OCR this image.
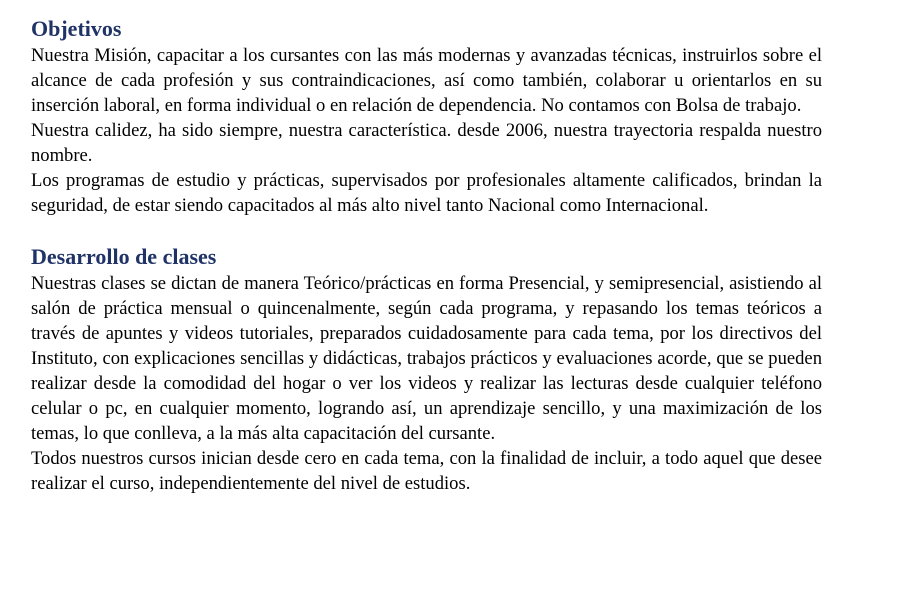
Objetivos

Nuestra Misión, capacitar a los cursantes con las más modernas y avanzadas técnicas, instruirlos sobre el alcance de cada profesión y sus contraindicaciones, así como también, colaborar u orientarlos en su inserción laboral, en forma individual o en relación de dependencia. No contamos con Bolsa de trabajo.

Nuestra calidez, ha sido siempre, nuestra característica. desde 2006, nuestra trayectoria respalda nuestro nombre.

Los programas de estudio y prácticas, supervisados por profesionales altamente calificados, brindan la seguridad, de estar siendo capacitados al más alto nivel tanto Nacional como Internacional.

Desarrollo de clases

Nuestras clases se dictan de manera Teórico/prácticas en forma Presencial, y semipresencial, asistiendo al salón de práctica mensual o quincenalmente, según cada programa, y repasando los temas teóricos a través de apuntes y videos tutoriales, preparados cuidadosamente para cada tema, por los directivos del Instituto, con explicaciones sencillas y didácticas, trabajos prácticos y evaluaciones acorde, que se pueden realizar desde la comodidad del hogar o ver los videos y realizar las lecturas desde cualquier teléfono celular o pc, en cualquier momento, logrando así, un aprendizaje sencillo, y una maximización de los temas, lo que conlleva, a la más alta capacitación del cursante.

Todos nuestros cursos inician desde cero en cada tema, con la finalidad de incluir, a todo aquel que desee realizar el curso, independientemente del nivel de estudios.
